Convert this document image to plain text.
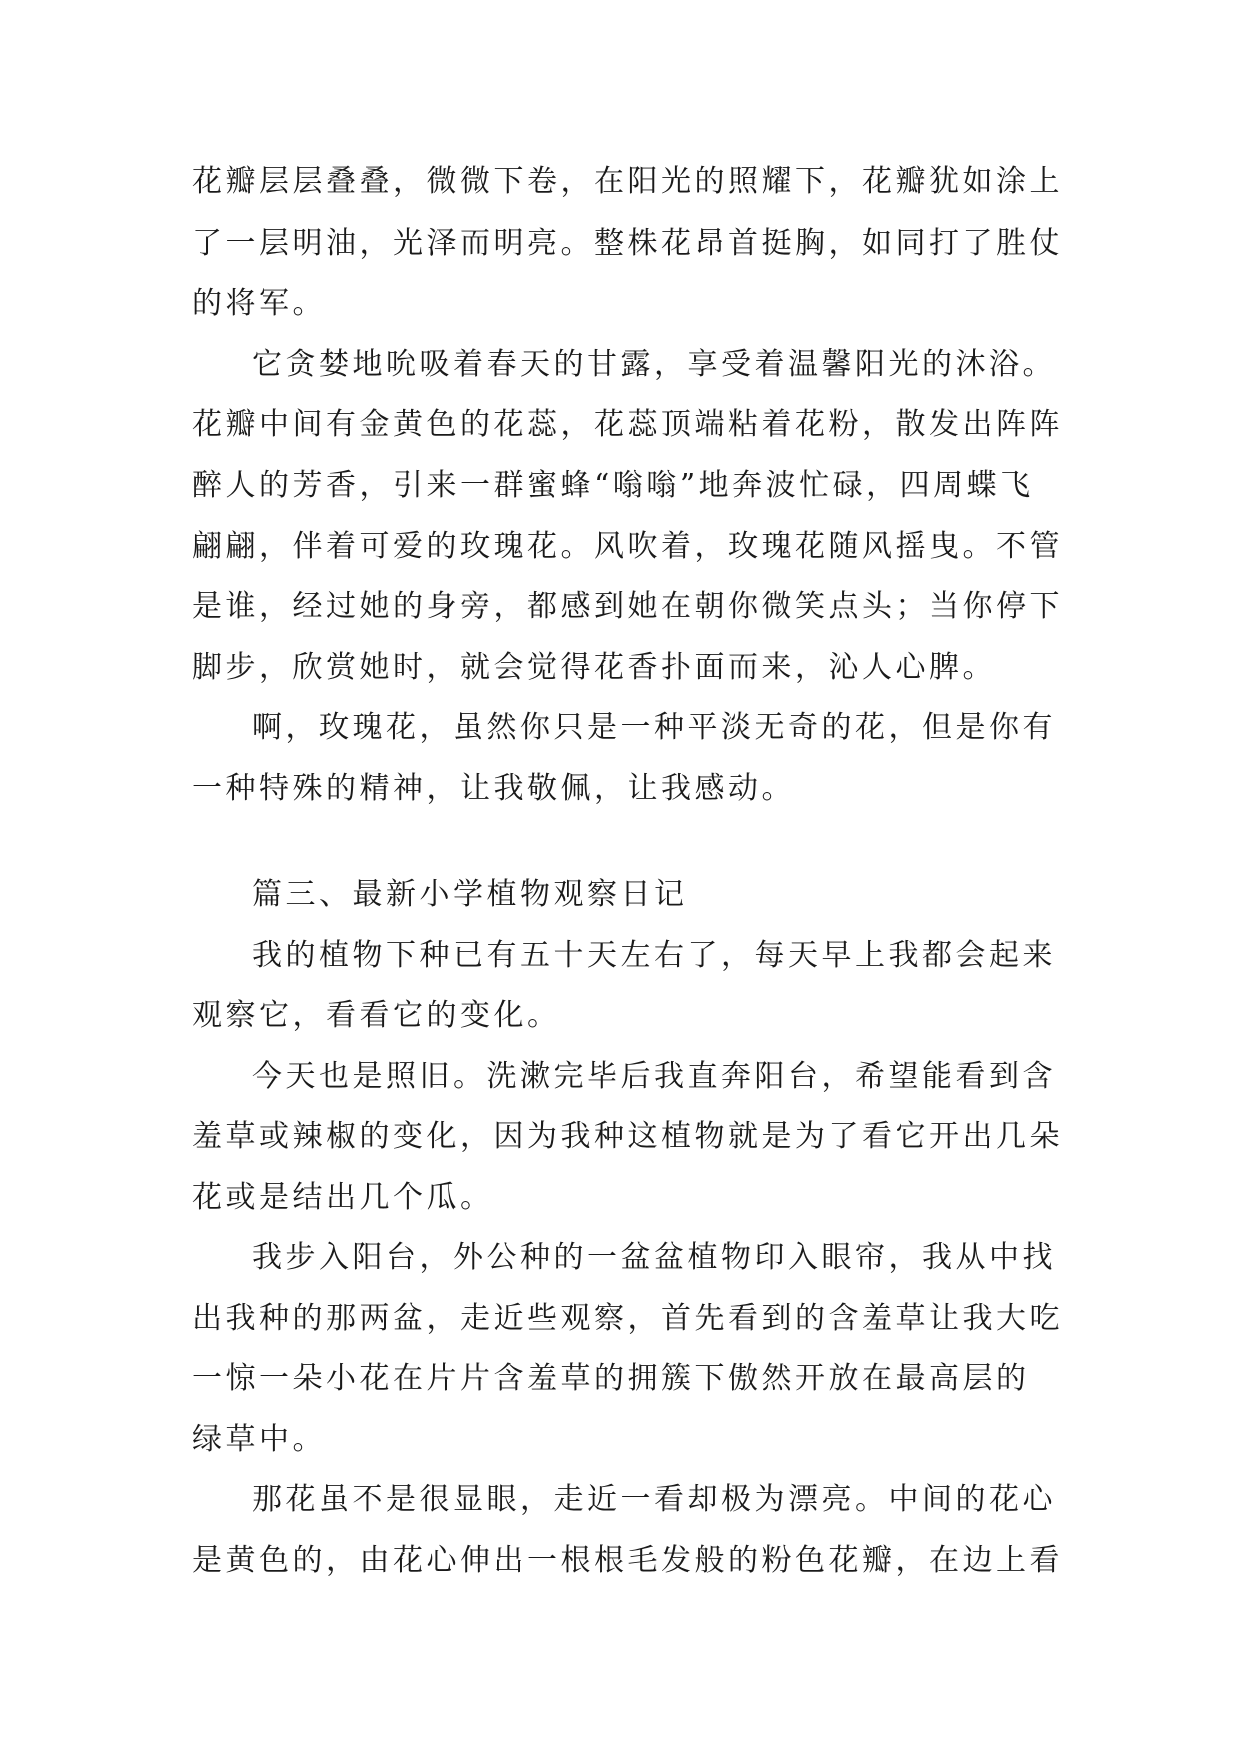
花瓣层层叠叠，微微下卷，在阳光的照耀下，花瓣犹如涂上
了一层明油，光泽而明亮。整株花昂首挺胸，如同打了胜仗
的将军。
它贪婪地吮吸着春天的甘露，享受着温馨阳光的沐浴。
花瓣中间有金黄色的花蕊，花蕊顶端粘着花粉，散发出阵阵
醉人的芳香，引来一群蜜蜂“嗡嗡”地奔波忙碌，四周蝶飞
翩翩，伴着可爱的玫瑰花。风吹着，玫瑰花随风摇曳。不管
是谁，经过她的身旁，都感到她在朝你微笑点头；当你停下
脚步，欣赏她时，就会觉得花香扑面而来，沁人心脾。
啊，玫瑰花，虽然你只是一种平淡无奇的花，但是你有
一种特殊的精神，让我敬佩，让我感动。
篇三、最新小学植物观察日记
我的植物下种已有五十天左右了，每天早上我都会起来
观察它，看看它的变化。
今天也是照旧。洗漱完毕后我直奔阳台，希望能看到含
羞草或辣椒的变化，因为我种这植物就是为了看它开出几朵
花或是结出几个瓜。
我步入阳台，外公种的一盆盆植物印入眼帘，我从中找
出我种的那两盆，走近些观察，首先看到的含羞草让我大吃
一惊一朵小花在片片含羞草的拥簇下傲然开放在最高层的
绿草中。
那花虽不是很显眼，走近一看却极为漂亮。中间的花心
是黄色的，由花心伸出一根根毛发般的粉色花瓣，在边上看
